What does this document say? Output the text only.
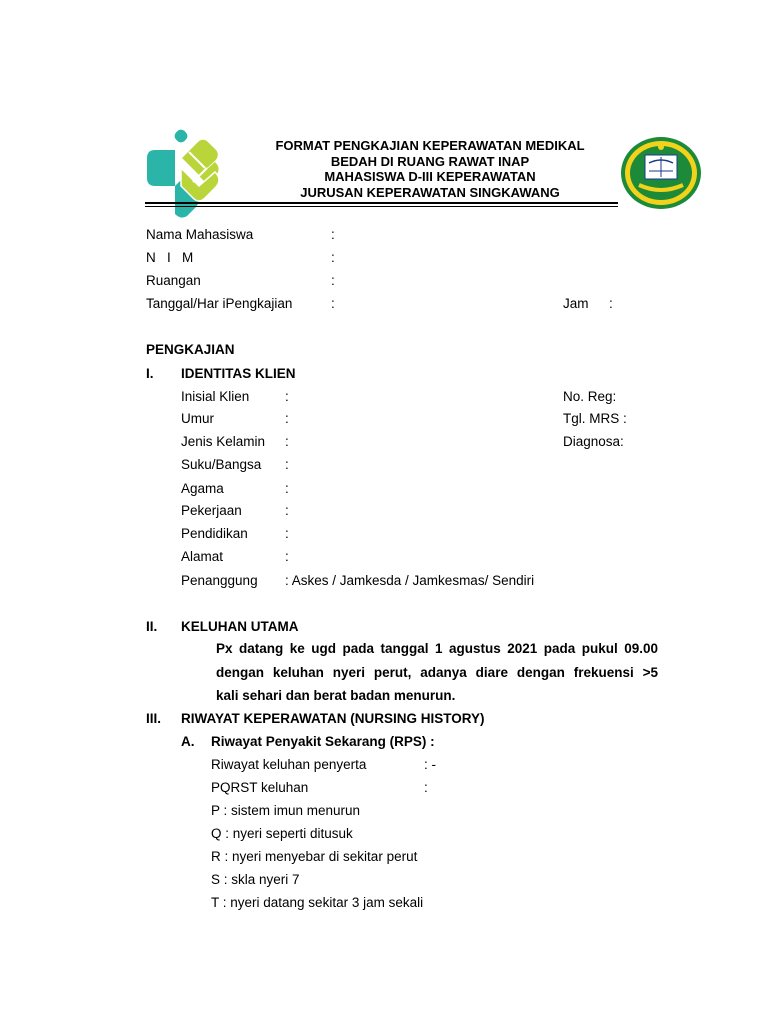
FORMAT PENGKAJIAN KEPERAWATAN MEDIKAL
BEDAH DI RUANG RAWAT INAP
MAHASISWA D-III KEPERAWATAN
JURUSAN KEPERAWATAN SINGKAWANG
Nama Mahasiswa	:
N   I   M	:
Ruangan	:
Tanggal/Har iPengkajian	:	Jam :
PENGKAJIAN
I. IDENTITAS KLIEN
Inisial Klien	:	No. Reg:
Umur	:	Tgl. MRS :
Jenis Kelamin :	Diagnosa:
Suku/Bangsa :
Agama	:
Pekerjaan	:
Pendidikan	:
Alamat	:
Penanggung : Askes / Jamkesda / Jamkesmas/ Sendiri
II. KELUHAN UTAMA
Px datang ke ugd pada tanggal 1 agustus 2021 pada pukul 09.00
dengan keluhan nyeri perut, adanya diare dengan frekuensi >5
kali sehari dan berat badan menurun.
III. RIWAYAT KEPERAWATAN (NURSING HISTORY)
A. Riwayat Penyakit Sekarang (RPS) :
Riwayat keluhan penyerta	: -
PQRST keluhan	:
P : sistem imun menurun
Q : nyeri seperti ditusuk
R : nyeri menyebar di sekitar perut
S : skla nyeri 7
T : nyeri datang sekitar 3 jam sekali
